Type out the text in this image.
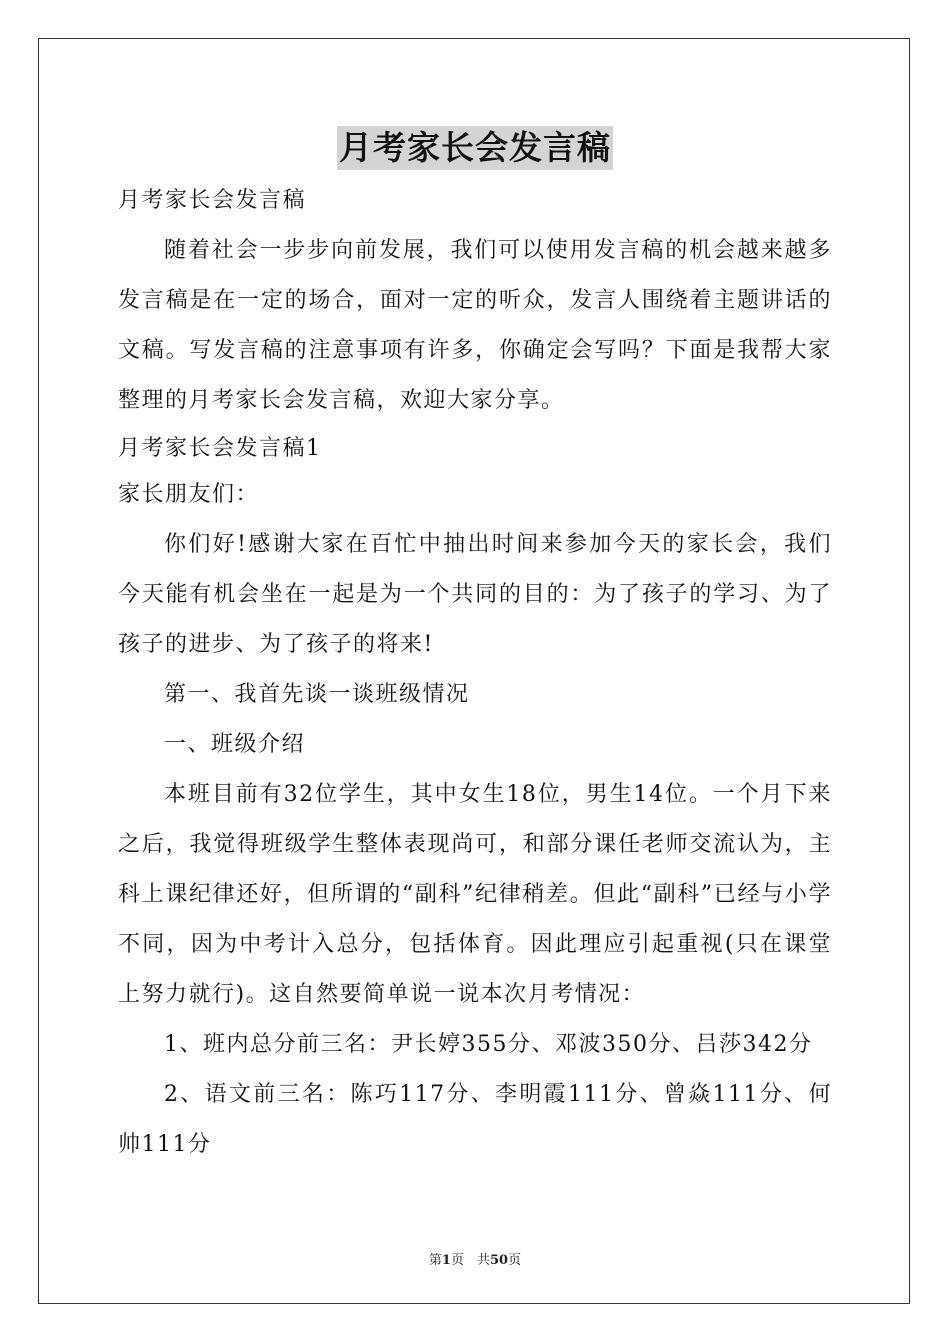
月考家长会发言稿
月考家长会发言稿
随着社会一步步向前发展，我们可以使用发言稿的机会越来越多发言稿是在一定的场合，面对一定的听众，发言人围绕着主题讲话的文稿。写发言稿的注意事项有许多，你确定会写吗？下面是我帮大家整理的月考家长会发言稿，欢迎大家分享。
月考家长会发言稿1
家长朋友们：
你们好!感谢大家在百忙中抽出时间来参加今天的家长会，我们今天能有机会坐在一起是为一个共同的目的：为了孩子的学习、为了孩子的进步、为了孩子的将来!
第一、我首先谈一谈班级情况
一、班级介绍
本班目前有32位学生，其中女生18位，男生14位。一个月下来之后，我觉得班级学生整体表现尚可，和部分课任老师交流认为，主科上课纪律还好，但所谓的“副科”纪律稍差。但此“副科”已经与小学不同，因为中考计入总分，包括体育。因此理应引起重视(只在课堂上努力就行)。这自然要简单说一说本次月考情况：
1、班内总分前三名：尹长婷355分、邓波350分、吕莎342分
2、语文前三名：陈巧117分、李明霞111分、曾焱111分、何帅111分
第1页　共50页
